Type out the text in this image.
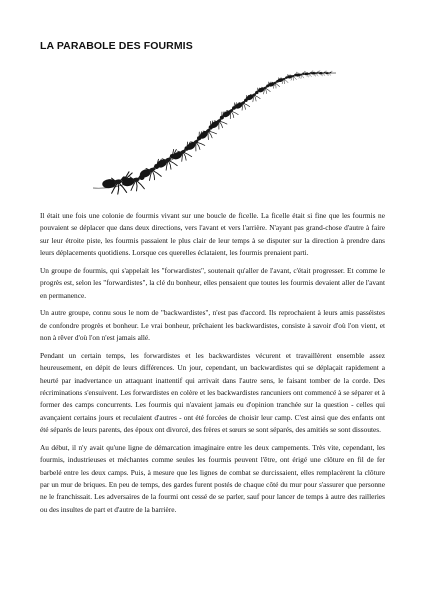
LA PARABOLE DES FOURMIS

Il était une fois une colonie de fourmis vivant sur une boucle de ficelle. La ficelle était si fine que les fourmis ne pouvaient se déplacer que dans deux directions, vers l'avant et vers l'arrière. N'ayant pas grand-chose d'autre à faire sur leur étroite piste, les fourmis passaient le plus clair de leur temps à se disputer sur la direction à prendre dans leurs déplacements quotidiens. Lorsque ces querelles éclataient, les fourmis prenaient parti.

Un groupe de fourmis, qui s'appelait les "forwardistes", soutenait qu'aller de l'avant, c'était progresser. Et comme le progrès est, selon les "forwardistes", la clé du bonheur, elles pensaient que toutes les fourmis devaient aller de l'avant en permanence.

Un autre groupe, connu sous le nom de "backwardistes", n'est pas d'accord. Ils reprochaient à leurs amis passéistes de confondre progrès et bonheur. Le vrai bonheur, prêchaient les backwardistes, consiste à savoir d'où l'on vient, et non à rêver d'où l'on n'est jamais allé.

Pendant un certain temps, les forwardistes et les backwardistes vécurent et travaillèrent ensemble assez heureusement, en dépit de leurs différences. Un jour, cependant, un backwardistes qui se déplaçait rapidement a heurté par inadvertance un attaquant inattentif qui arrivait dans l'autre sens, le faisant tomber de la corde. Des récriminations s'ensuivent. Les forwardistes en colère et les backwardistes rancuniers ont commencé à se séparer et à former des camps concurrents. Les fourmis qui n'avaient jamais eu d'opinion tranchée sur la question - celles qui avançaient certains jours et reculaient d'autres - ont été forcées de choisir leur camp. C'est ainsi que des enfants ont été séparés de leurs parents, des époux ont divorcé, des frères et sœurs se sont séparés, des amitiés se sont dissoutes.

Au début, il n'y avait qu'une ligne de démarcation imaginaire entre les deux campements. Très vite, cependant, les fourmis, industrieuses et méchantes comme seules les fourmis peuvent l'être, ont érigé une clôture en fil de fer barbelé entre les deux camps. Puis, à mesure que les lignes de combat se durcissaient, elles remplacèrent la clôture par un mur de briques. En peu de temps, des gardes furent postés de chaque côté du mur pour s'assurer que personne ne le franchissait. Les adversaires de la fourmi ont cessé de se parler, sauf pour lancer de temps à autre des railleries ou des insultes de part et d'autre de la barrière.
